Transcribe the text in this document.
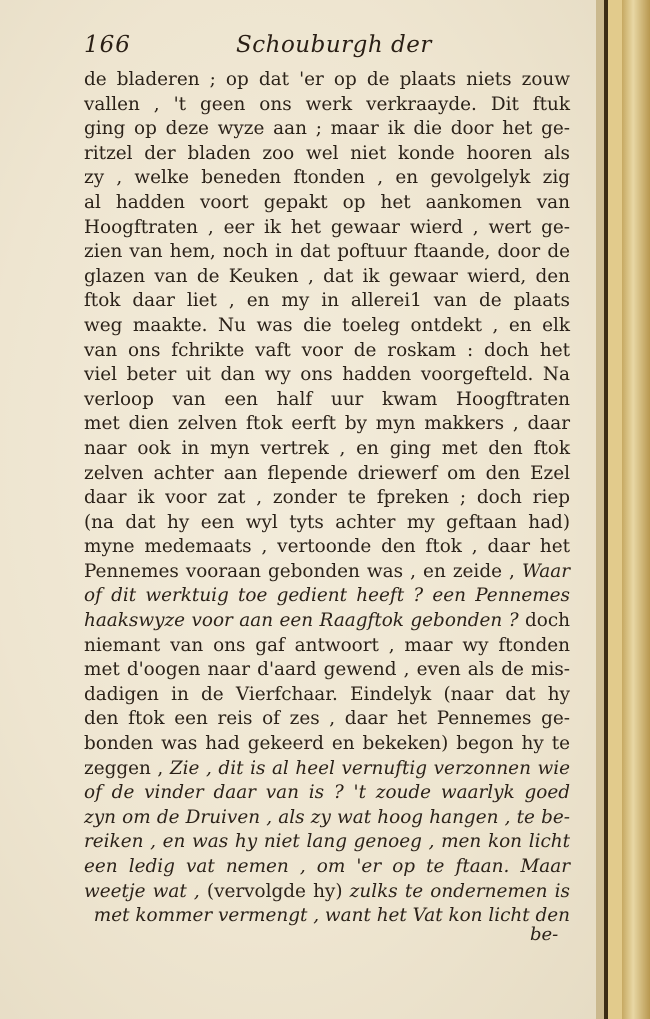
166	Schouburgh der
de bladeren ; op dat 'er op de plaats niets zouw
vallen , 't geen ons werk verkraayde. Dit ftuk
ging op deze wyze aan ; maar ik die door het ge-
ritzel der bladen zoo wel niet konde hooren als
zy , welke beneden ftonden , en gevolgelyk zig
al hadden voort gepakt op het aankomen van
Hoogftraten , eer ik het gewaar wierd , wert ge-
zien van hem, noch in dat poftuur ftaande, door de
glazen van de Keuken , dat ik gewaar wierd, den
ftok daar liet , en my in allerei1 van de plaats
weg maakte. Nu was die toeleg ontdekt , en elk
van ons fchrikte vaft voor de roskam : doch het
viel beter uit dan wy ons hadden voorgefteld. Na
verloop van een half uur kwam Hoogftraten
met dien zelven ftok eerft by myn makkers , daar
naar ook in myn vertrek , en ging met den ftok
zelven achter aan flepende driewerf om den Ezel
daar ik voor zat , zonder te fpreken ; doch riep
(na dat hy een wyl tyts achter my geftaan had)
myne medemaats , vertoonde den ftok , daar het
Pennemes vooraan gebonden was , en zeide , Waar
of dit werktuig toe gedient heeft ? een Pennemes
haakswyze voor aan een Raagftok gebonden ? doch
niemant van ons gaf antwoort , maar wy ftonden
met d'oogen naar d'aard gewend , even als de mis-
dadigen in de Vierfchaar. Eindelyk (naar dat hy
den ftok een reis of zes , daar het Pennemes ge-
bonden was had gekeerd en bekeken) begon hy te
zeggen , Zie , dit is al heel vernuftig verzonnen wie
of de vinder daar van is ? 't zoude waarlyk goed
zyn om de Druiven , als zy wat hoog hangen , te be-
reiken , en was hy niet lang genoeg , men kon licht
een ledig vat nemen , om 'er op te ftaan. Maar
weetje wat , (vervolgde hy) zulks te ondernemen is
met kommer vermengt , want het Vat kon licht den
be-
